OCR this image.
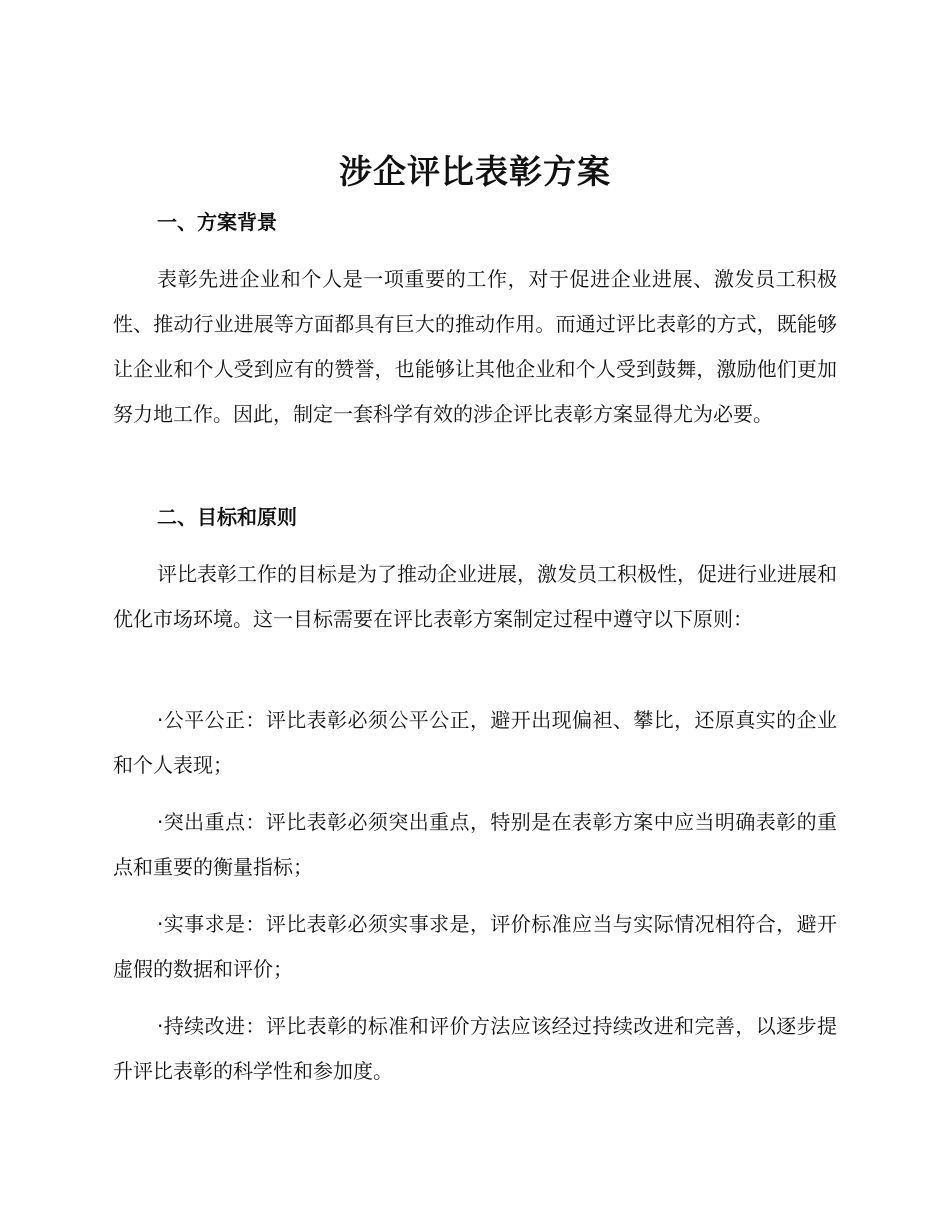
涉企评比表彰方案
一、方案背景

表彰先进企业和个人是一项重要的工作，对于促进企业进展、激发员工积极性、推动行业进展等方面都具有巨大的推动作用。而通过评比表彰的方式，既能够让企业和个人受到应有的赞誉，也能够让其他企业和个人受到鼓舞，激励他们更加努力地工作。因此，制定一套科学有效的涉企评比表彰方案显得尤为必要。

二、目标和原则

评比表彰工作的目标是为了推动企业进展，激发员工积极性，促进行业进展和优化市场环境。这一目标需要在评比表彰方案制定过程中遵守以下原则：

·公平公正：评比表彰必须公平公正，避开出现偏袒、攀比，还原真实的企业和个人表现；

·突出重点：评比表彰必须突出重点，特别是在表彰方案中应当明确表彰的重点和重要的衡量指标；

·实事求是：评比表彰必须实事求是，评价标准应当与实际情况相符合，避开虚假的数据和评价；

·持续改进：评比表彰的标准和评价方法应该经过持续改进和完善，以逐步提升评比表彰的科学性和参加度。
